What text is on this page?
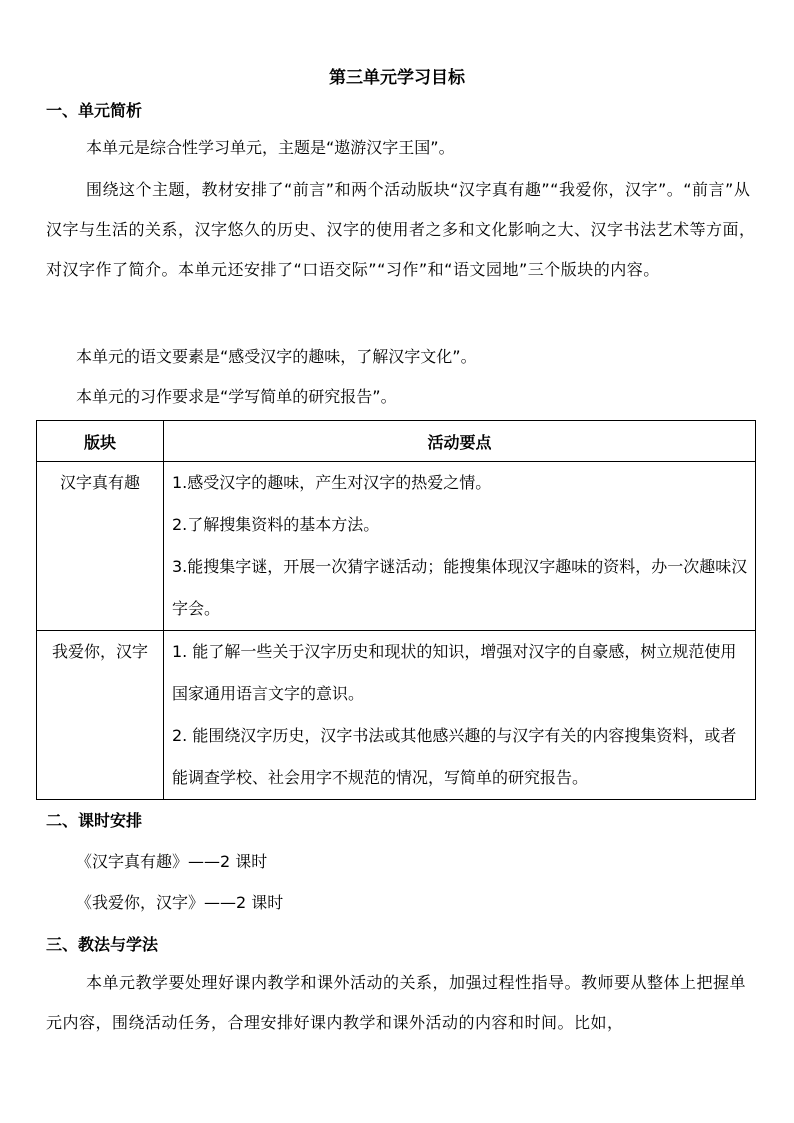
第三单元学习目标
一、单元简析
本单元是综合性学习单元，主题是“遨游汉字王国”。
围绕这个主题，教材安排了“前言”和两个活动版块“汉字真有趣”“我爱你，汉字”。“前言”从汉字与生活的关系，汉字悠久的历史、汉字的使用者之多和文化影响之大、汉字书法艺术等方面，对汉字作了简介。本单元还安排了“口语交际”“习作”和“语文园地”三个版块的内容。
本单元的语文要素是“感受汉字的趣味，了解汉字文化”。
本单元的习作要求是“学写简单的研究报告”。
版块	活动要点
汉字真有趣	1.感受汉字的趣味，产生对汉字的热爱之情。
2.了解搜集资料的基本方法。
3.能搜集字谜，开展一次猜字谜活动；能搜集体现汉字趣味的资料，办一次趣味汉字会。

我爱你，汉字	1. 能了解一些关于汉字历史和现状的知识，增强对汉字的自豪感，树立规范使用国家通用语言文字的意识。
2. 能围绕汉字历史，汉字书法或其他感兴趣的与汉字有关的内容搜集资料，或者能调查学校、社会用字不规范的情况，写简单的研究报告。
二、课时安排
《汉字真有趣》——2 课时
《我爱你，汉字》——2 课时
三、教法与学法
本单元教学要处理好课内教学和课外活动的关系，加强过程性指导。教师要从整体上把握单元内容，围绕活动任务，合理安排好课内教学和课外活动的内容和时间。比如，
